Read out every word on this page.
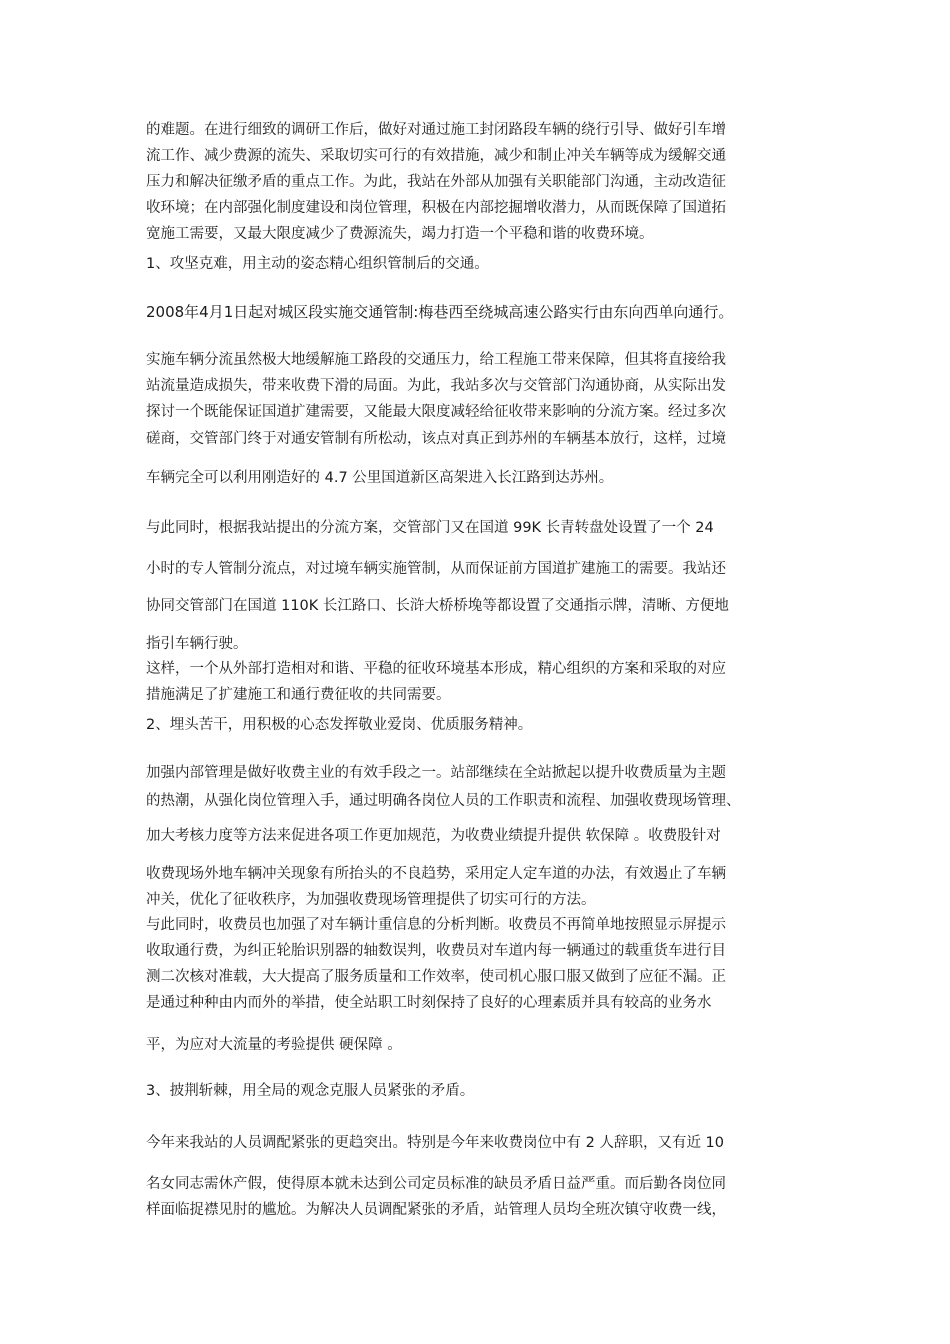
的难题。在进行细致的调研工作后，做好对通过施工封闭路段车辆的绕行引导、做好引车增
流工作、减少费源的流失、采取切实可行的有效措施，减少和制止冲关车辆等成为缓解交通
压力和解决征缴矛盾的重点工作。为此，我站在外部从加强有关职能部门沟通，主动改造征
收环境；在内部强化制度建设和岗位管理，积极在内部挖掘增收潜力，从而既保障了国道拓
宽施工需要，又最大限度减少了费源流失，竭力打造一个平稳和谐的收费环境。
1、攻坚克难，用主动的姿态精心组织管制后的交通。
2008年4月1日起对城区段实施交通管制:梅巷西至绕城高速公路实行由东向西单向通行。
实施车辆分流虽然极大地缓解施工路段的交通压力，给工程施工带来保障，但其将直接给我
站流量造成损失，带来收费下滑的局面。为此，我站多次与交管部门沟通协商，从实际出发
探讨一个既能保证国道扩建需要，又能最大限度减轻给征收带来影响的分流方案。经过多次
磋商，交管部门终于对通安管制有所松动，该点对真正到苏州的车辆基本放行，这样，过境
车辆完全可以利用刚造好的 4.7 公里国道新区高架进入长江路到达苏州。
与此同时，根据我站提出的分流方案，交管部门又在国道 99K 长青转盘处设置了一个 24
小时的专人管制分流点，对过境车辆实施管制，从而保证前方国道扩建施工的需要。我站还
协同交管部门在国道 110K 长江路口、长浒大桥桥堍等都设置了交通指示牌，清晰、方便地
指引车辆行驶。
这样，一个从外部打造相对和谐、平稳的征收环境基本形成，精心组织的方案和采取的对应
措施满足了扩建施工和通行费征收的共同需要。
2、埋头苦干，用积极的心态发挥敬业爱岗、优质服务精神。
加强内部管理是做好收费主业的有效手段之一。站部继续在全站掀起以提升收费质量为主题
的热潮，从强化岗位管理入手，通过明确各岗位人员的工作职责和流程、加强收费现场管理、
加大考核力度等方法来促进各项工作更加规范，为收费业绩提升提供 软保障 。收费股针对
收费现场外地车辆冲关现象有所抬头的不良趋势，采用定人定车道的办法，有效遏止了车辆
冲关，优化了征收秩序，为加强收费现场管理提供了切实可行的方法。
与此同时，收费员也加强了对车辆计重信息的分析判断。收费员不再简单地按照显示屏提示
收取通行费，为纠正轮胎识别器的轴数误判，收费员对车道内每一辆通过的载重货车进行目
测二次核对准载，大大提高了服务质量和工作效率，使司机心服口服又做到了应征不漏。正
是通过种种由内而外的举措，使全站职工时刻保持了良好的心理素质并具有较高的业务水
平，为应对大流量的考验提供 硬保障 。
3、披荆斩棘，用全局的观念克服人员紧张的矛盾。
今年来我站的人员调配紧张的更趋突出。特别是今年来收费岗位中有 2 人辞职，又有近 10
名女同志需休产假，使得原本就未达到公司定员标准的缺员矛盾日益严重。而后勤各岗位同
样面临捉襟见肘的尴尬。为解决人员调配紧张的矛盾，站管理人员均全班次镇守收费一线，
